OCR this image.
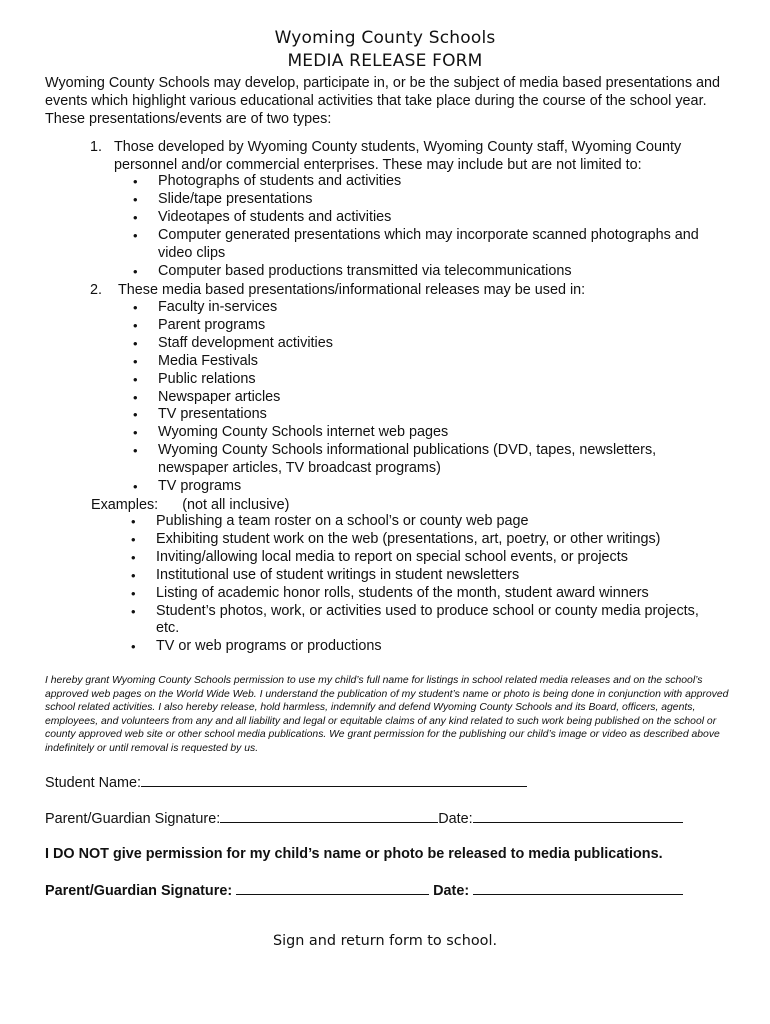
Wyoming County Schools
MEDIA RELEASE FORM

Wyoming County Schools may develop, participate in, or be the subject of media based presentations and events which highlight various educational activities that take place during the course of the school year. These presentations/events are of two types:

1. Those developed by Wyoming County students, Wyoming County staff, Wyoming County personnel and/or commercial enterprises. These may include but are not limited to:
• Photographs of students and activities
• Slide/tape presentations
• Videotapes of students and activities
• Computer generated presentations which may incorporate scanned photographs and video clips
• Computer based productions transmitted via telecommunications
2. These media based presentations/informational releases may be used in:
• Faculty in-services
• Parent programs
• Staff development activities
• Media Festivals
• Public relations
• Newspaper articles
• TV presentations
• Wyoming County Schools internet web pages
• Wyoming County Schools informational publications (DVD, tapes, newsletters, newspaper articles, TV broadcast programs)
• TV programs
Examples: (not all inclusive)
• Publishing a team roster on a school’s or county web page
• Exhibiting student work on the web (presentations, art, poetry, or other writings)
• Inviting/allowing local media to report on special school events, or projects
• Institutional use of student writings in student newsletters
• Listing of academic honor rolls, students of the month, student award winners
• Student’s photos, work, or activities used to produce school or county media projects, etc.
• TV or web programs or productions

I hereby grant Wyoming County Schools permission to use my child’s full name for listings in school related media releases and on the school’s approved web pages on the World Wide Web. I understand the publication of my student’s name or photo is being done in conjunction with approved school related activities. I also hereby release, hold harmless, indemnify and defend Wyoming County Schools and its Board, officers, agents, employees, and volunteers from any and all liability and legal or equitable claims of any kind related to such work being published on the school or county approved web site or other school media publications. We grant permission for the publishing our child’s image or video as described above indefinitely or until removal is requested by us.

Student Name:
Parent/Guardian Signature:	Date:
I DO NOT give permission for my child’s name or photo be released to media publications.
Parent/Guardian Signature:	Date:
Sign and return form to school.
